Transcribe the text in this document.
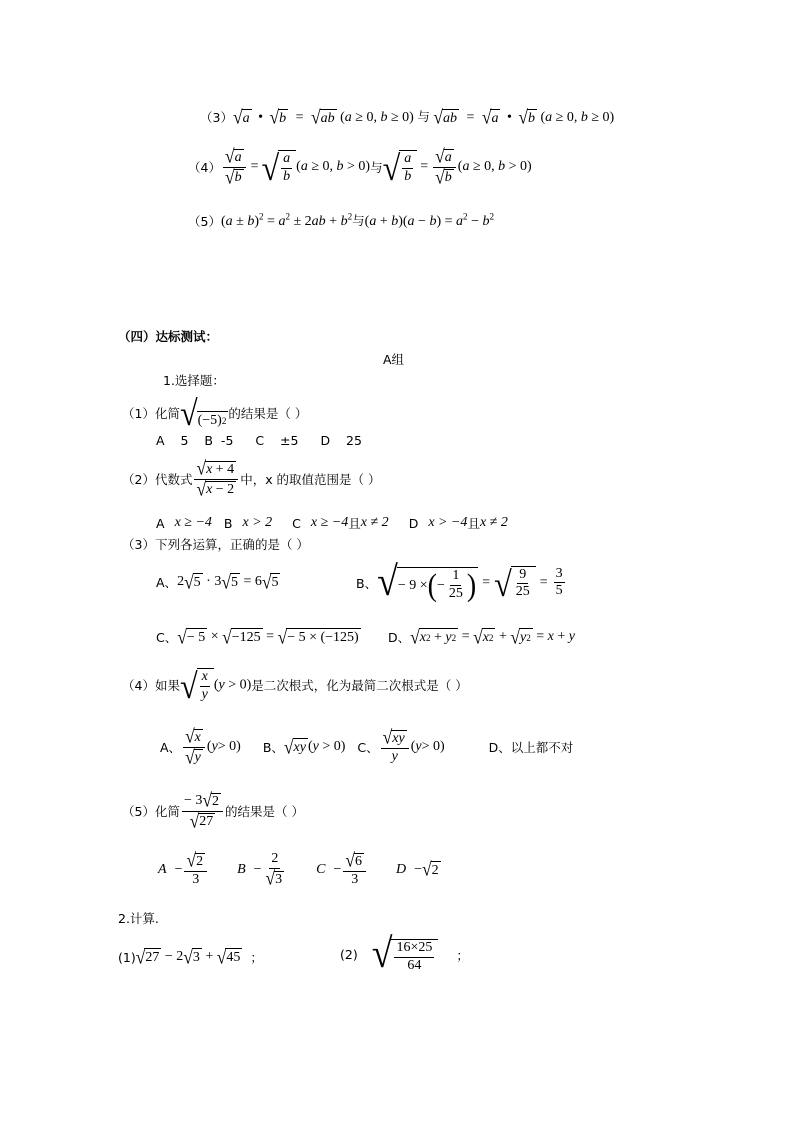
（3） √ a • √ b = √ ab (a ≥ 0, b ≥ 0) 与 √ ab = √ a • √ b (a ≥ 0, b ≥ 0)
$(4) \frac{√ a}{√ b}$ = √ $\frac{a}{b} (a \ge 0$, b > 0) 与 √ $\frac{a}{b} = \frac{√ a}{√ b} (a \ge 0$, b > 0)
（5） $(a \pm b)^2 = a^2 \pm 2ab + b^2$与$(a + b)(a - b) = a^2 - b^2$
（四）达标测试：
A组
1.选择题：
（1）化简 √ (−5) 2
的结果是（ ）
A    5 B  -5 C    ±5 D    25
（2）代数式 $\frac{√ x + 4}{√ x - 2}$ 中，x 的取值范围是（ ）
A x ≥ −4 B x > 2 C x ≥ −4 且 x ≠ 2 D x > −4 且 x ≠ 2
（3）下列各运算，正确的是（ ）
A、 2 √ 5 · 3 √ 5 = 6 √ 5	B、 √ − 9 × ( − $\frac{1}{25}$ ) = √ $\frac{9}{25} = \frac{3}{5}$
C、 √ − 5 × √ −125 = √ − 5 × (−125) D、 √ x 2 + y 2 = √ x 2 + √ y 2 = x + y
（4）如果 √ $\frac{x}{y} (y > 0)$ 是二次根式，化为最简二次根式是（ ）
A、 $\frac{√ x}{√ y}$ ( y > 0) B、 √ xy (y > 0) C、 $\frac{√ xy}{y}$ ( y > 0)	D、以上都不对
（5）化简 $\frac{- 3 √ 2}{√ 27}$ 的结果是（ ）
$A - \frac{√ 2}{3}$ $B - \frac{2}{√ 3}$ $C - \frac{√ 6}{3}$ D − √ 2
2.计算.
(1) √ 27 − 2 √ 3 + √ 45 ；	(2) √ $\frac{16\times 25}{64}$ ；
